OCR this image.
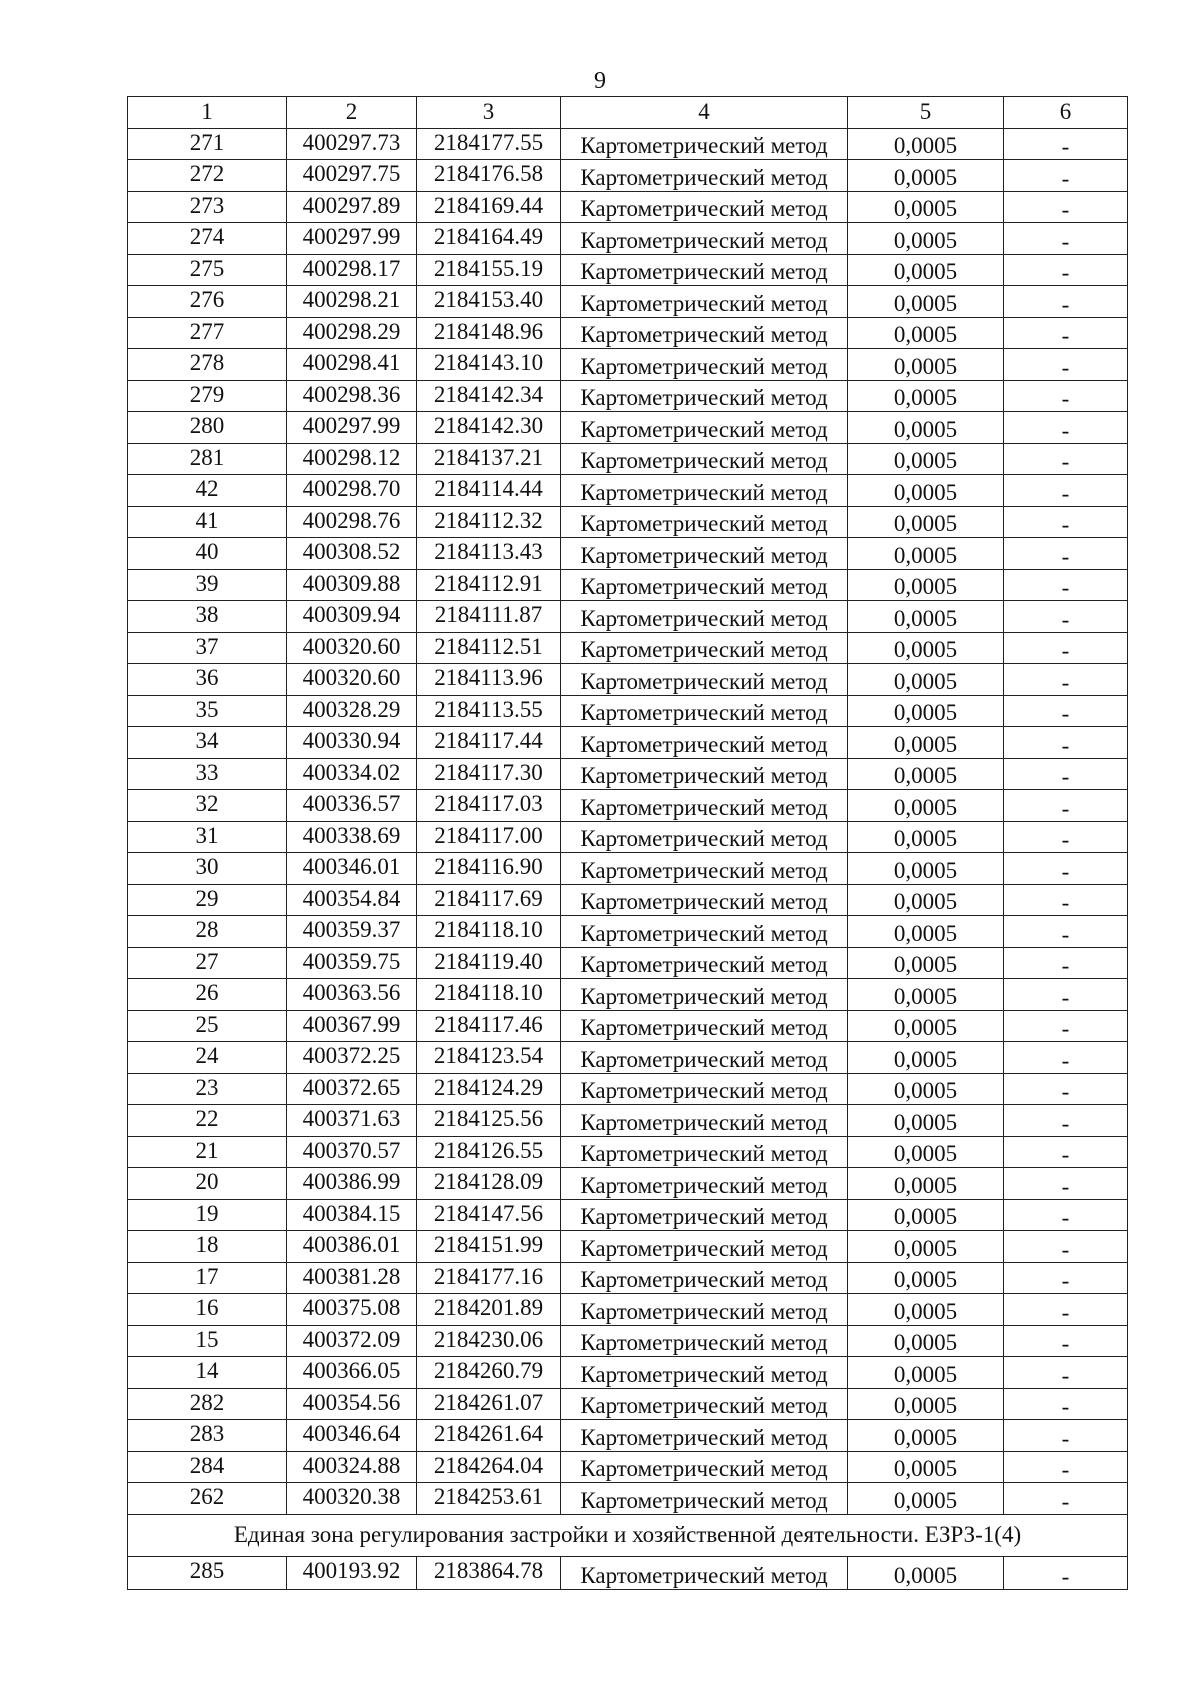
9
1	2	3	4	5	6
271	400297.73	2184177.55	Картометрический метод	0,0005	-
272	400297.75	2184176.58	Картометрический метод	0,0005	-
273	400297.89	2184169.44	Картометрический метод	0,0005	-
274	400297.99	2184164.49	Картометрический метод	0,0005	-
275	400298.17	2184155.19	Картометрический метод	0,0005	-
276	400298.21	2184153.40	Картометрический метод	0,0005	-
277	400298.29	2184148.96	Картометрический метод	0,0005	-
278	400298.41	2184143.10	Картометрический метод	0,0005	-
279	400298.36	2184142.34	Картометрический метод	0,0005	-
280	400297.99	2184142.30	Картометрический метод	0,0005	-
281	400298.12	2184137.21	Картометрический метод	0,0005	-
42	400298.70	2184114.44	Картометрический метод	0,0005	-
41	400298.76	2184112.32	Картометрический метод	0,0005	-
40	400308.52	2184113.43	Картометрический метод	0,0005	-
39	400309.88	2184112.91	Картометрический метод	0,0005	-
38	400309.94	2184111.87	Картометрический метод	0,0005	-
37	400320.60	2184112.51	Картометрический метод	0,0005	-
36	400320.60	2184113.96	Картометрический метод	0,0005	-
35	400328.29	2184113.55	Картометрический метод	0,0005	-
34	400330.94	2184117.44	Картометрический метод	0,0005	-
33	400334.02	2184117.30	Картометрический метод	0,0005	-
32	400336.57	2184117.03	Картометрический метод	0,0005	-
31	400338.69	2184117.00	Картометрический метод	0,0005	-
30	400346.01	2184116.90	Картометрический метод	0,0005	-
29	400354.84	2184117.69	Картометрический метод	0,0005	-
28	400359.37	2184118.10	Картометрический метод	0,0005	-
27	400359.75	2184119.40	Картометрический метод	0,0005	-
26	400363.56	2184118.10	Картометрический метод	0,0005	-
25	400367.99	2184117.46	Картометрический метод	0,0005	-
24	400372.25	2184123.54	Картометрический метод	0,0005	-
23	400372.65	2184124.29	Картометрический метод	0,0005	-
22	400371.63	2184125.56	Картометрический метод	0,0005	-
21	400370.57	2184126.55	Картометрический метод	0,0005	-
20	400386.99	2184128.09	Картометрический метод	0,0005	-
19	400384.15	2184147.56	Картометрический метод	0,0005	-
18	400386.01	2184151.99	Картометрический метод	0,0005	-
17	400381.28	2184177.16	Картометрический метод	0,0005	-
16	400375.08	2184201.89	Картометрический метод	0,0005	-
15	400372.09	2184230.06	Картометрический метод	0,0005	-
14	400366.05	2184260.79	Картометрический метод	0,0005	-
282	400354.56	2184261.07	Картометрический метод	0,0005	-
283	400346.64	2184261.64	Картометрический метод	0,0005	-
284	400324.88	2184264.04	Картометрический метод	0,0005	-
262	400320.38	2184253.61	Картометрический метод	0,0005	-
Единая зона регулирования застройки и хозяйственной деятельности. ЕЗРЗ-1(4)					
285	400193.92	2183864.78	Картометрический метод	0,0005	-
